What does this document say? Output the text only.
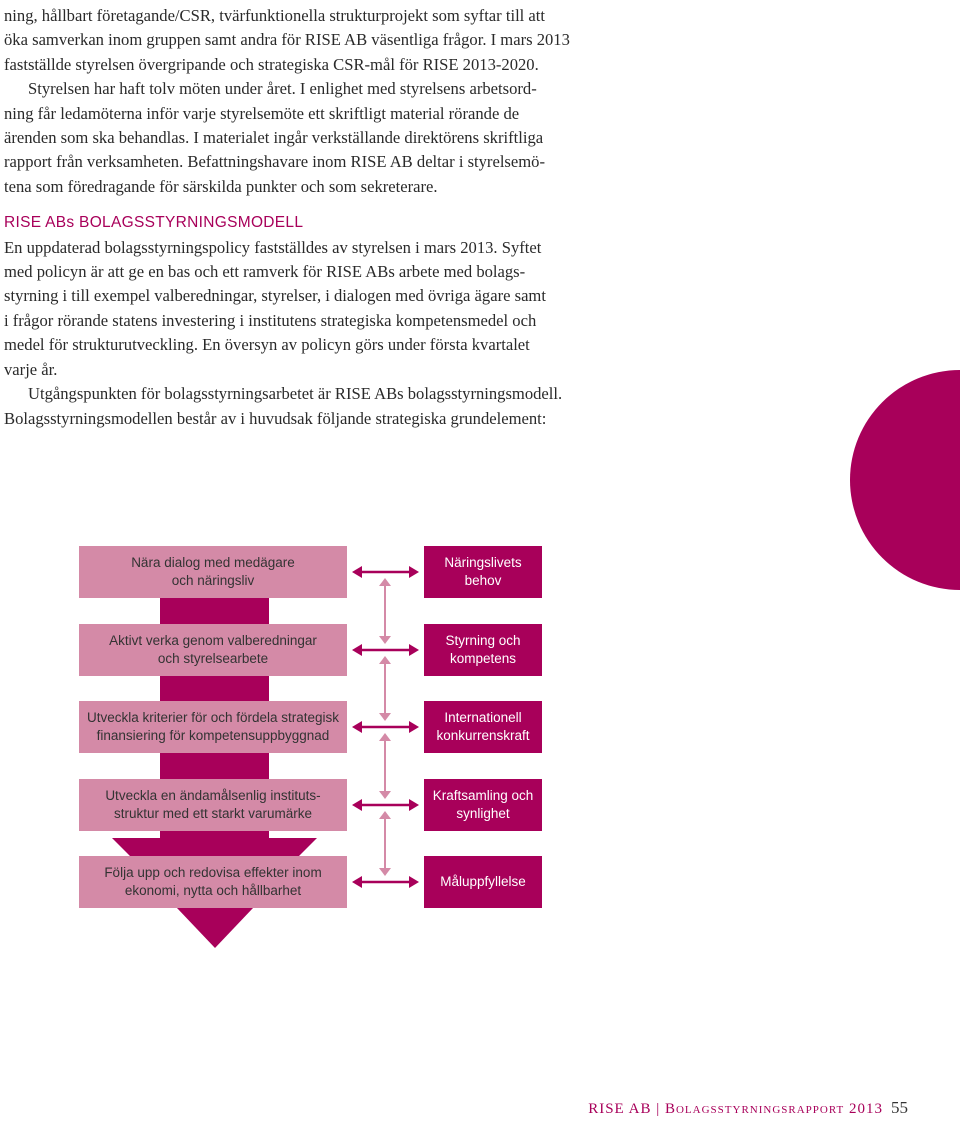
ning, hållbart företagande/CSR, tvärfunktionella strukturprojekt som syftar till att
öka samverkan inom gruppen samt andra för RISE AB väsentliga frågor. I mars 2013
fastställde styrelsen övergripande och strategiska CSR-mål för RISE 2013-2020.
Styrelsen har haft tolv möten under året. I enlighet med styrelsens arbetsord-
ning får ledamöterna inför varje styrelsemöte ett skriftligt material rörande de
ärenden som ska behandlas. I materialet ingår verkställande direktörens skriftliga
rapport från verksamheten. Befattningshavare inom RISE AB deltar i styrelsemö-
tena som föredragande för särskilda punkter och som sekreterare.
RISE ABs BOLAGSSTYRNINGSMODELL
En uppdaterad bolagsstyrningspolicy fastställdes av styrelsen i mars 2013. Syftet
med policyn är att ge en bas och ett ramverk för RISE ABs arbete med bolags-
styrning i till exempel valberedningar, styrelser, i dialogen med övriga ägare samt
i frågor rörande statens investering i institutens strategiska kompetensmedel och
medel för strukturutveckling. En översyn av policyn görs under första kvartalet
varje år.
Utgångspunkten för bolagsstyrningsarbetet är RISE ABs bolagsstyrningsmodell.
Bolagsstyrningsmodellen består av i huvudsak följande strategiska grundelement:
Nära dialog med medägare
och näringsliv
Aktivt verka genom valberedningar
och styrelsearbete
Utveckla kriterier för och fördela strategisk
finansiering för kompetensuppbyggnad
Utveckla en ändamålsenlig instituts-
struktur med ett starkt varumärke
Följa upp och redovisa effekter inom
ekonomi, nytta och hållbarhet
Näringslivets
behov
Styrning och
kompetens
Internationell
konkurrenskraft
Kraftsamling och
synlighet
Måluppfyllelse
RISE AB | Bolagsstyrningsrapport 2013 55
